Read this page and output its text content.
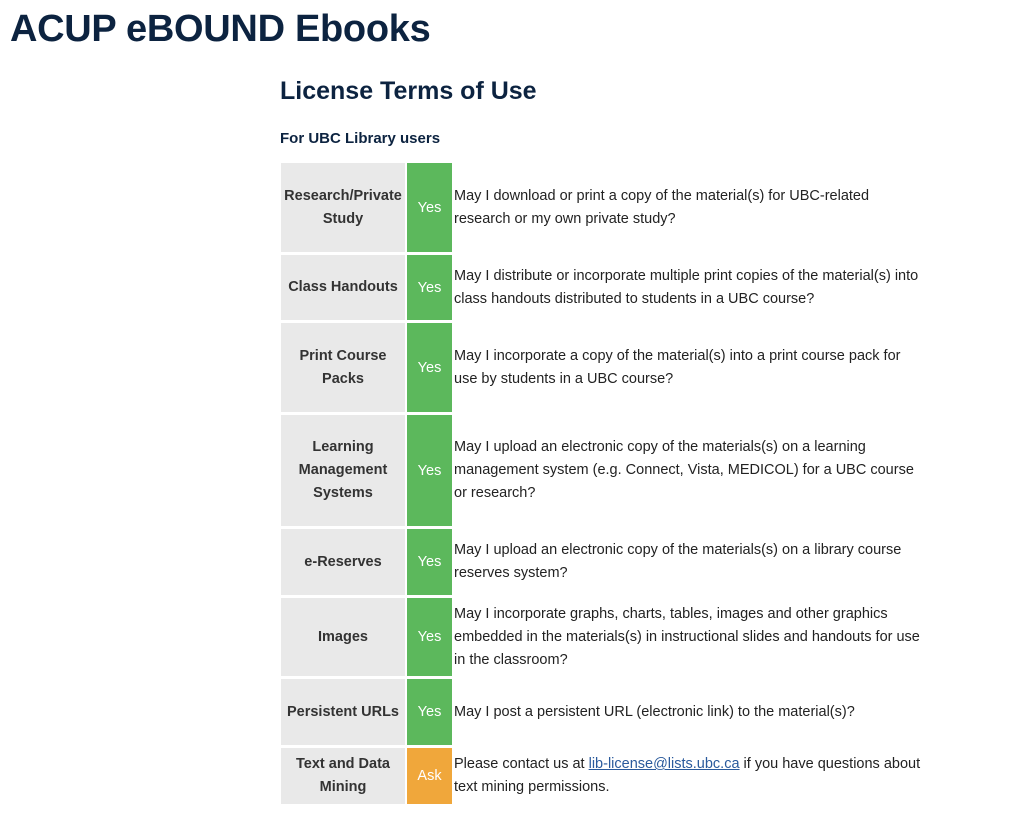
ACUP eBOUND Ebooks
License Terms of Use
For UBC Library users
Research/Private Study	Yes	May I download or print a copy of the material(s) for UBC-related research or my own private study?
Class Handouts	Yes	May I distribute or incorporate multiple print copies of the material(s) into class handouts distributed to students in a UBC course?
Print Course Packs	Yes	May I incorporate a copy of the material(s) into a print course pack for use by students in a UBC course?
Learning Management Systems	Yes	May I upload an electronic copy of the materials(s) on a learning management system (e.g. Connect, Vista, MEDICOL) for a UBC course or research?
e-Reserves	Yes	May I upload an electronic copy of the materials(s) on a library course reserves system?
Images	Yes	May I incorporate graphs, charts, tables, images and other graphics embedded in the materials(s) in instructional slides and handouts for use in the classroom?
Persistent URLs	Yes	May I post a persistent URL (electronic link) to the material(s)?
Text and Data Mining	Ask	Please contact us at lib-license@lists.ubc.ca if you have questions about text mining permissions.
